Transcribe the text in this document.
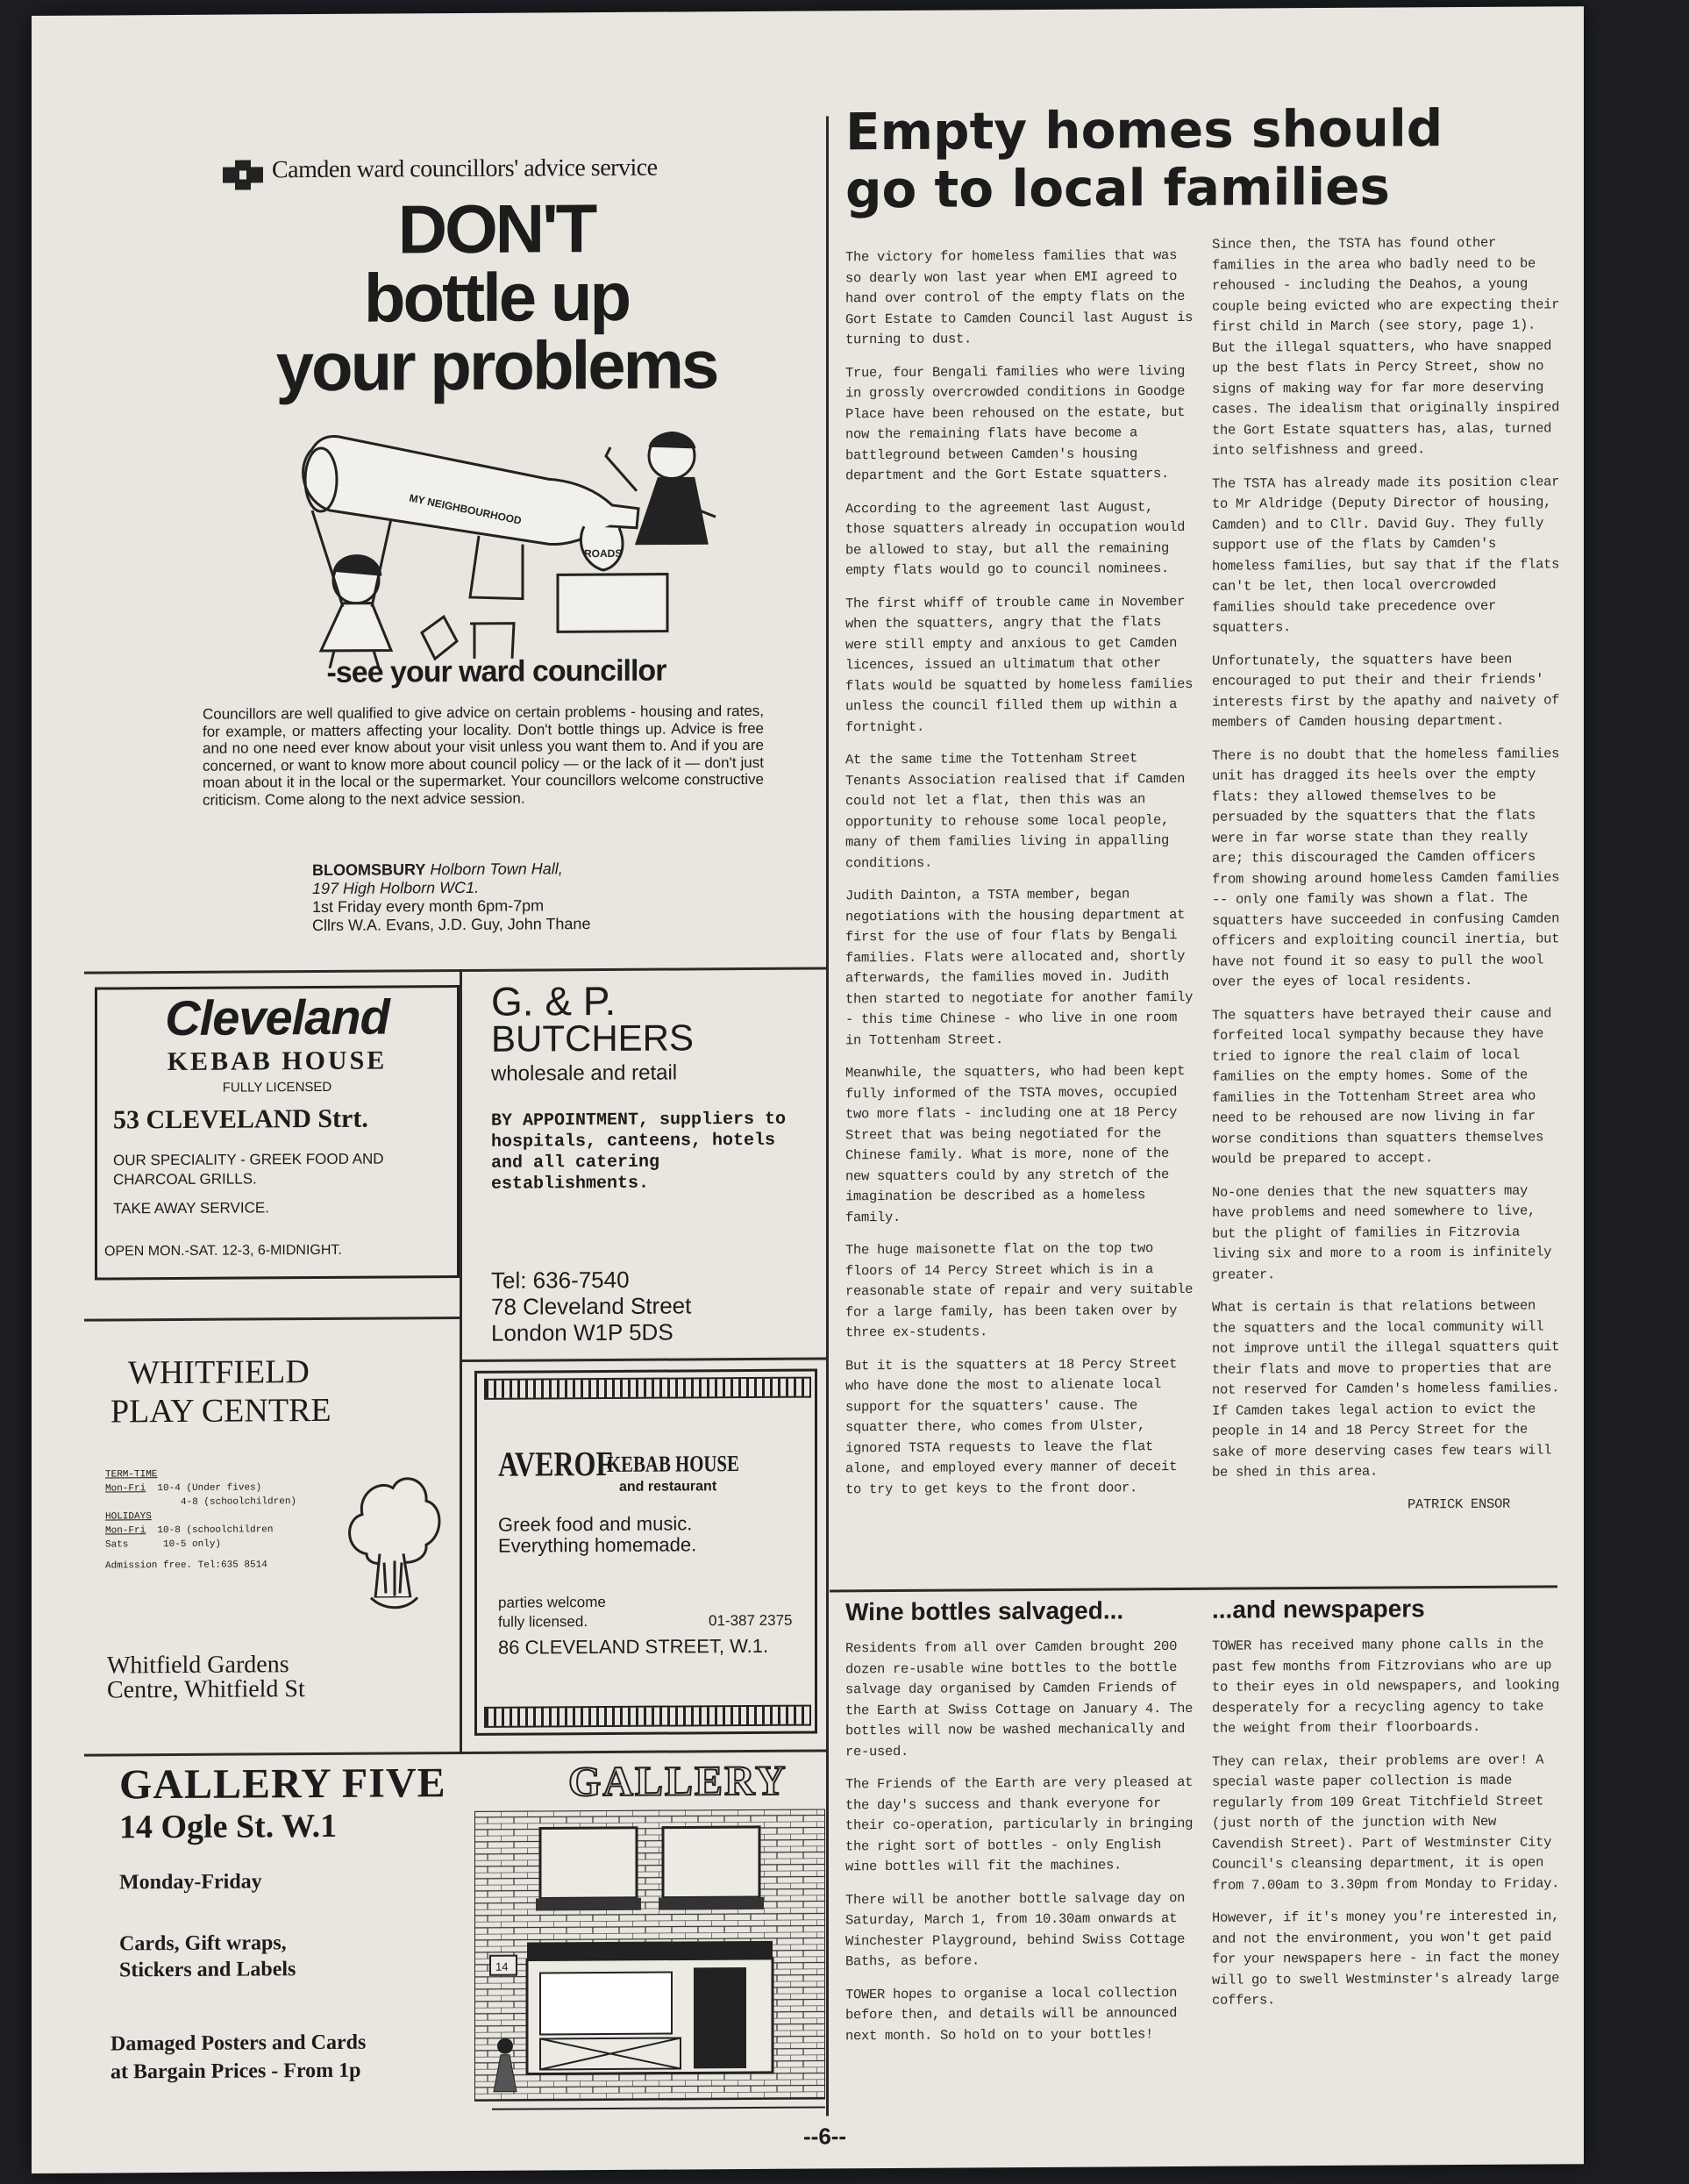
Camden ward councillors' advice service
DON'T
bottle up
your problems
MY NEIGHBOURHOOD
ROADS
-see your ward councillor
Councillors are well qualified to give advice on certain problems - housing and rates, for example, or matters affecting your locality. Don't bottle things up. Advice is free and no one need ever know about your visit unless you want them to. And if you are concerned, or want to know more about council policy — or the lack of it — don't just moan about it in the local or the supermarket. Your councillors welcome constructive criticism. Come along to the next advice session.
BLOOMSBURY Holborn Town Hall,
197 High Holborn WC1.
1st Friday every month 6pm-7pm
Cllrs W.A. Evans, J.D. Guy, John Thane
Cleveland
KEBAB HOUSE
FULLY LICENSED
53 CLEVELAND Strt.
OUR SPECIALITY - GREEK FOOD AND CHARCOAL GRILLS.
TAKE AWAY SERVICE.
OPEN MON.-SAT. 12-3, 6-MIDNIGHT.
G. & P.
BUTCHERS
wholesale and retail
BY APPOINTMENT, suppliers to hospitals, canteens, hotels and all catering establishments.
Tel: 636-7540
78 Cleveland Street
London W1P 5DS
WHITFIELD
PLAY CENTRE
TERM-TIME
Mon-Fri 10-4 (Under fives)
4-8 (schoolchildren)
HOLIDAYS
Mon-Fri 10-8 (schoolchildren
Sats	10-5 only)
Admission free. Tel:635 8514
Whitfield Gardens
Centre, Whitfield St
AVEROF
KEBAB HOUSE
and restaurant
Greek food and music.
Everything homemade.
parties welcome
fully licensed.	01-387 2375
86 CLEVELAND STREET, W.1.
GALLERY FIVE	GALLERY
14 Ogle St. W.1
Monday-Friday
Cards, Gift wraps,
Stickers and Labels
Damaged Posters and Cards
at Bargain Prices - From 1p
14
Empty homes should
go to local families

The victory for homeless families that was so dearly won last year when EMI agreed to hand over control of the empty flats on the Gort Estate to Camden Council last August is turning to dust.

True, four Bengali families who were living in grossly overcrowded conditions in Goodge Place have been rehoused on the estate, but now the remaining flats have become a battleground between Camden's housing department and the Gort Estate squatters.

According to the agreement last August, those squatters already in occupation would be allowed to stay, but all the remaining empty flats would go to council nominees.

The first whiff of trouble came in November when the squatters, angry that the flats were still empty and anxious to get Camden licences, issued an ultimatum that other flats would be squatted by homeless families unless the council filled them up within a fortnight.

At the same time the Tottenham Street Tenants Association realised that if Camden could not let a flat, then this was an opportunity to rehouse some local people, many of them families living in appalling conditions.

Judith Dainton, a TSTA member, began negotiations with the housing department at first for the use of four flats by Bengali families. Flats were allocated and, shortly afterwards, the families moved in. Judith then started to negotiate for another family - this time Chinese - who live in one room in Tottenham Street.

Meanwhile, the squatters, who had been kept fully informed of the TSTA moves, occupied two more flats - including one at 18 Percy Street that was being negotiated for the Chinese family. What is more, none of the new squatters could by any stretch of the imagination be described as a homeless family.

The huge maisonette flat on the top two floors of 14 Percy Street which is in a reasonable state of repair and very suitable for a large family, has been taken over by three ex-students.

But it is the squatters at 18 Percy Street who have done the most to alienate local support for the squatters' cause. The squatter there, who comes from Ulster, ignored TSTA requests to leave the flat alone, and employed every manner of deceit to try to get keys to the front door.

Since then, the TSTA has found other families in the area who badly need to be rehoused - including the Deahos, a young couple being evicted who are expecting their first child in March (see story, page 1). But the illegal squatters, who have snapped up the best flats in Percy Street, show no signs of making way for far more deserving cases. The idealism that originally inspired the Gort Estate squatters has, alas, turned into selfishness and greed.

The TSTA has already made its position clear to Mr Aldridge (Deputy Director of housing, Camden) and to Cllr. David Guy. They fully support use of the flats by Camden's homeless families, but say that if the flats can't be let, then local overcrowded families should take precedence over squatters.

Unfortunately, the squatters have been encouraged to put their and their friends' interests first by the apathy and naivety of members of Camden housing department.

There is no doubt that the homeless families unit has dragged its heels over the empty flats: they allowed themselves to be persuaded by the squatters that the flats were in far worse state than they really are; this discouraged the Camden officers from showing around homeless Camden families -- only one family was shown a flat. The squatters have succeeded in confusing Camden officers and exploiting council inertia, but have not found it so easy to pull the wool over the eyes of local residents.

The squatters have betrayed their cause and forfeited local sympathy because they have tried to ignore the real claim of local families on the empty homes. Some of the families in the Tottenham Street area who need to be rehoused are now living in far worse conditions than squatters themselves would be prepared to accept.

No-one denies that the new squatters may have problems and need somewhere to live, but the plight of families in Fitzrovia living six and more to a room is infinitely greater.

What is certain is that relations between the squatters and the local community will not improve until the illegal squatters quit their flats and move to properties that are not reserved for Camden's homeless families. If Camden takes legal action to evict the people in 14 and 18 Percy Street for the sake of more deserving cases few tears will be shed in this area.

PATRICK ENSOR
Wine bottles salvaged...

Residents from all over Camden brought 200 dozen re-usable wine bottles to the bottle salvage day organised by Camden Friends of the Earth at Swiss Cottage on January 4. The bottles will now be washed mechanically and re-used.

The Friends of the Earth are very pleased at the day's success and thank everyone for their co-operation, particularly in bringing the right sort of bottles - only English wine bottles will fit the machines.

There will be another bottle salvage day on Saturday, March 1, from 10.30am onwards at Winchester Playground, behind Swiss Cottage Baths, as before.

TOWER hopes to organise a local collection before then, and details will be announced next month. So hold on to your bottles!

...and newspapers

TOWER has received many phone calls in the past few months from Fitzrovians who are up to their eyes in old newspapers, and looking desperately for a recycling agency to take the weight from their floorboards.

They can relax, their problems are over! A special waste paper collection is made regularly from 109 Great Titchfield Street (just north of the junction with New Cavendish Street). Part of Westminster City Council's cleansing department, it is open from 7.00am to 3.30pm from Monday to Friday.

However, if it's money you're interested in, and not the environment, you won't get paid for your newspapers here - in fact the money will go to swell Westminster's already large coffers.

--6--
